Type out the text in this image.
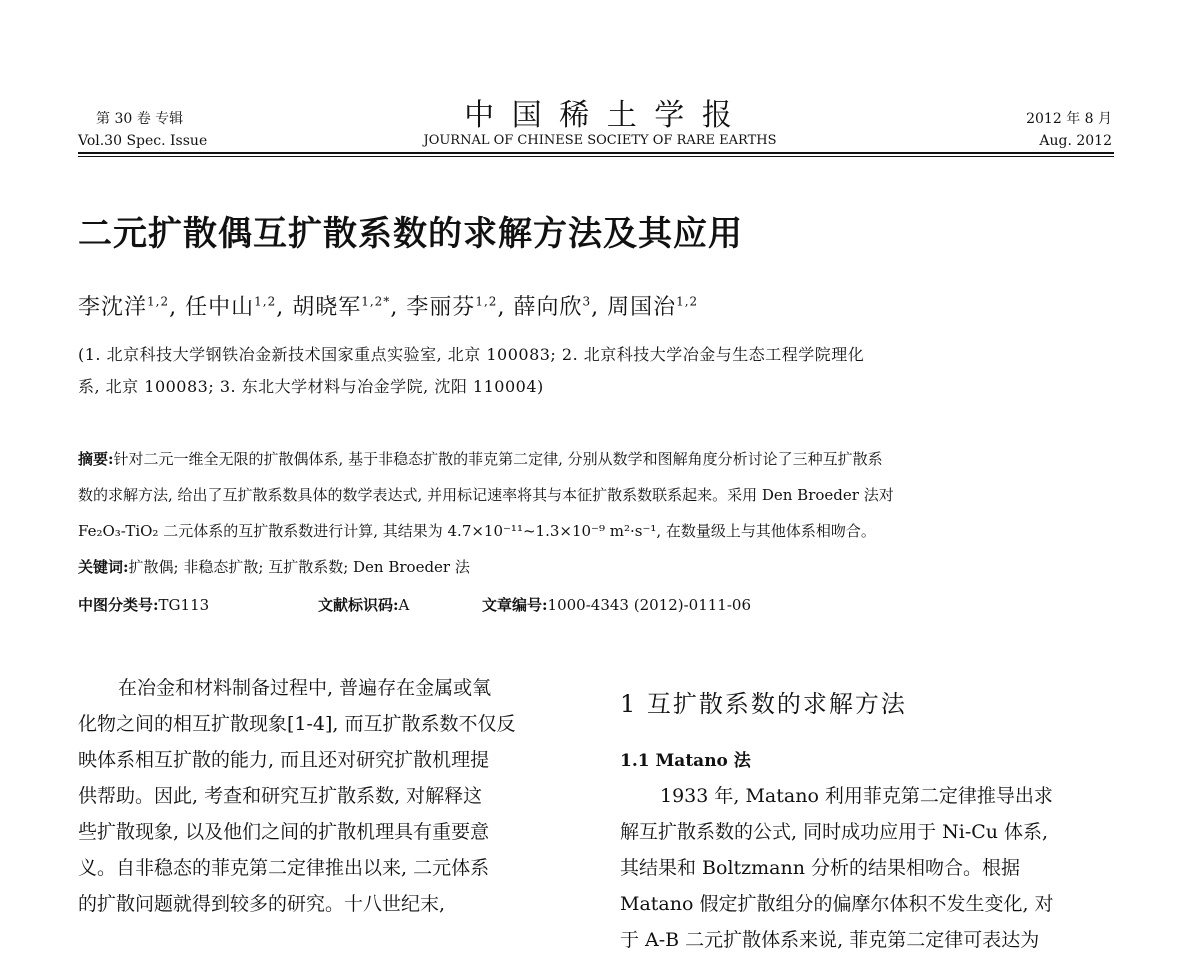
第 30 卷 专辑
Vol.30 Spec. Issue
中 国 稀 土 学 报
JOURNAL OF CHINESE SOCIETY OF RARE EARTHS
2012 年 8 月
Aug. 2012
二元扩散偶互扩散系数的求解方法及其应用
李沈洋$^{1,2}$, 任中山$^{1,2}$, 胡晓军$^{1,2*}$, 李丽芬$^{1,2}$, 薛向欣$^3$, 周国治$^{1,2}$
(1. 北京科技大学钢铁冶金新技术国家重点实验室, 北京 100083; 2. 北京科技大学冶金与生态工程学院理化
系, 北京 100083; 3. 东北大学材料与冶金学院, 沈阳 110004)
摘要:针对二元一维全无限的扩散偶体系, 基于非稳态扩散的菲克第二定律, 分别从数学和图解角度分析讨论了三种互扩散系
数的求解方法, 给出了互扩散系数具体的数学表达式, 并用标记速率将其与本征扩散系数联系起来。采用 Den Broeder 法对
Fe₂O₃-TiO₂ 二元体系的互扩散系数进行计算, 其结果为 4.7×10⁻¹¹~1.3×10⁻⁹ m²·s⁻¹, 在数量级上与其他体系相吻合。
关键词:扩散偶; 非稳态扩散; 互扩散系数; Den Broeder 法
中图分类号:TG113	文献标识码:A	文章编号:1000-4343 (2012)-0111-06
在冶金和材料制备过程中, 普遍存在金属或氧
化物之间的相互扩散现象[1-4], 而互扩散系数不仅反
映体系相互扩散的能力, 而且还对研究扩散机理提
供帮助。因此, 考查和研究互扩散系数, 对解释这
些扩散现象, 以及他们之间的扩散机理具有重要意
义。自非稳态的菲克第二定律推出以来, 二元体系
的扩散问题就得到较多的研究。十八世纪末,
1 互扩散系数的求解方法
1.1 Matano 法
1933 年, Matano 利用菲克第二定律推导出求
解互扩散系数的公式, 同时成功应用于 Ni-Cu 体系,
其结果和 Boltzmann 分析的结果相吻合。根据
Matano 假定扩散组分的偏摩尔体积不发生变化, 对
于 A-B 二元扩散体系来说, 菲克第二定律可表达为
